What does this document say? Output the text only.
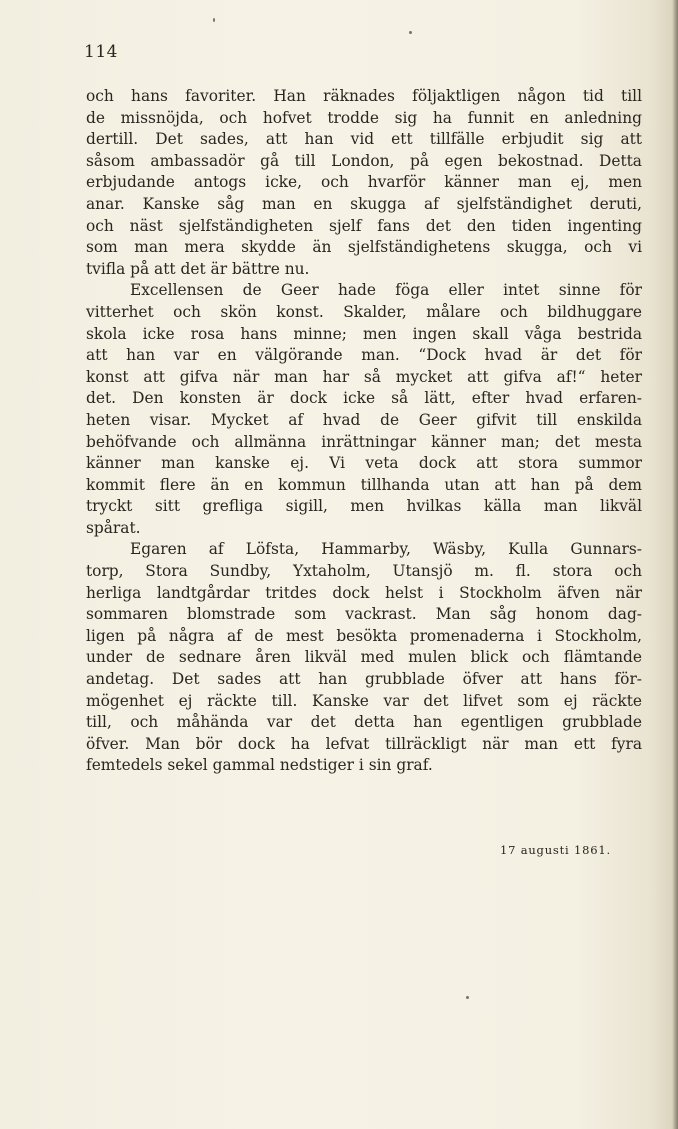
114
och hans favoriter. Han räknades följaktligen någon tid till
de missnöjda, och hofvet trodde sig ha funnit en anledning
dertill. Det sades, att han vid ett tillfälle erbjudit sig att
såsom ambassadör gå till London, på egen bekostnad. Detta
erbjudande antogs icke, och hvarför känner man ej, men
anar. Kanske såg man en skugga af sjelfständighet deruti,
och näst sjelfständigheten sjelf fans det den tiden ingenting
som man mera skydde än sjelfständighetens skugga, och vi
tvifla på att det är bättre nu.
Excellensen de Geer hade föga eller intet sinne för
vitterhet och skön konst. Skalder, målare och bildhuggare
skola icke rosa hans minne; men ingen skall våga bestrida
att han var en välgörande man. “Dock hvad är det för
konst att gifva när man har så mycket att gifva af!“ heter
det. Den konsten är dock icke så lätt, efter hvad erfaren-
heten visar. Mycket af hvad de Geer gifvit till enskilda
behöfvande och allmänna inrättningar känner man; det mesta
känner man kanske ej. Vi veta dock att stora summor
kommit flere än en kommun tillhanda utan att han på dem
tryckt sitt grefliga sigill, men hvilkas källa man likväl
spårat.
Egaren af Löfsta, Hammarby, Wäsby, Kulla Gunnars-
torp, Stora Sundby, Yxtaholm, Utansjö m. fl. stora och
herliga landtgårdar tritdes dock helst i Stockholm äfven när
sommaren blomstrade som vackrast. Man såg honom dag-
ligen på några af de mest besökta promenaderna i Stockholm,
under de sednare åren likväl med mulen blick och flämtande
andetag. Det sades att han grubblade öfver att hans för-
mögenhet ej räckte till. Kanske var det lifvet som ej räckte
till, och måhända var det detta han egentligen grubblade
öfver. Man bör dock ha lefvat tillräckligt när man ett fyra
femtedels sekel gammal nedstiger i sin graf.
17 augusti 1861.
